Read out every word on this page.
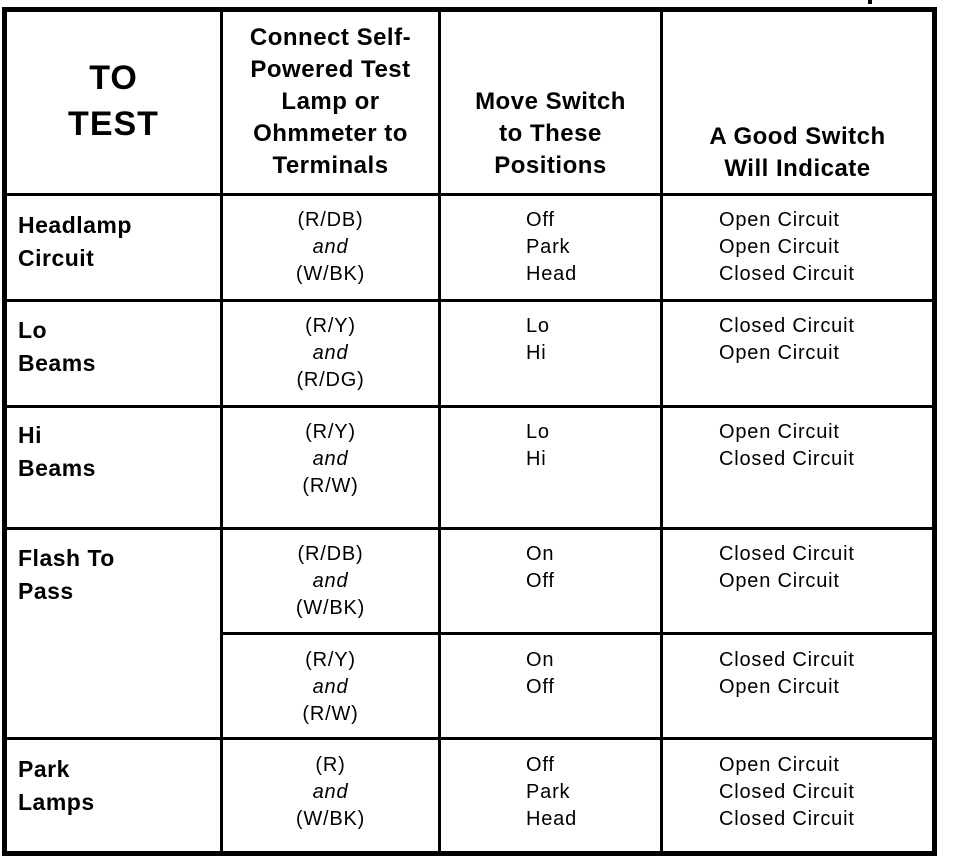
TO
TEST
Connect Self-
Powered Test
Lamp or
Ohmmeter to
Terminals
Move Switch
to These
Positions
A Good Switch
Will Indicate
Headlamp
Circuit
(R/DB)
and
(W/BK)
Off
Park
Head
Open Circuit
Open Circuit
Closed Circuit
Lo
Beams
(R/Y)
and
(R/DG)
Lo
Hi
Closed Circuit
Open Circuit
Hi
Beams
(R/Y)
and
(R/W)
Lo
Hi
Open Circuit
Closed Circuit
Flash To
Pass
(R/DB)
and
(W/BK)
On
Off
Closed Circuit
Open Circuit
(R/Y)
and
(R/W)
On
Off
Closed Circuit
Open Circuit
Park
Lamps
(R)
and
(W/BK)
Off
Park
Head
Open Circuit
Closed Circuit
Closed Circuit
